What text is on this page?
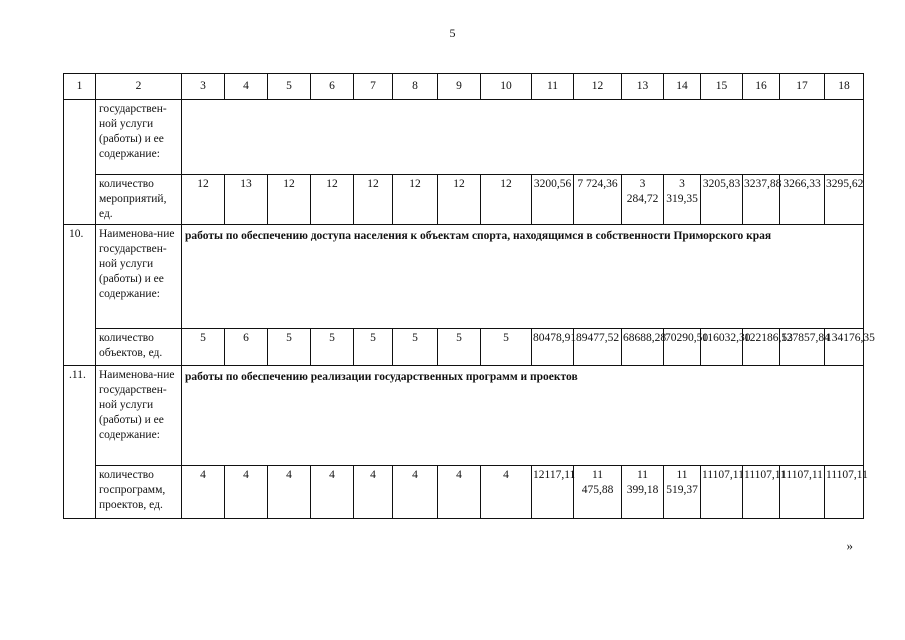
5
1	2	3	4	5	6	7	8	9	10	11	12	13	14	15	16	17	18
	государствен-ной услуги (работы) и ее содержание:																
	количество мероприятий, ед.	12	13	12	12	12	12	12	12	3200,56	7 724,36	3 284,72	3 319,35	3205,83	3237,88	3266,33	3295,62
10.	Наименова-ние государствен-ной услуги (работы) и ее содержание:	работы по обеспечению доступа населения к объектам спорта, находящимся в собственности Приморского края															
	количество объектов, ед.	5	6	5	5	5	5	5	5	80478,91	89477,52	68688,28	70290,50	116032,30	122186,53	127857,84	134176,35
.11.	Наименова-ние государствен-ной услуги (работы) и ее содержание:	работы по обеспечению реализации государственных программ и проектов															
	количество госпрограмм, проектов, ед.	4	4	4	4	4	4	4	4	12117,11	11 475,88	11 399,18	11 519,37	11107,11	11107,11	11107,11	11107,11
»
